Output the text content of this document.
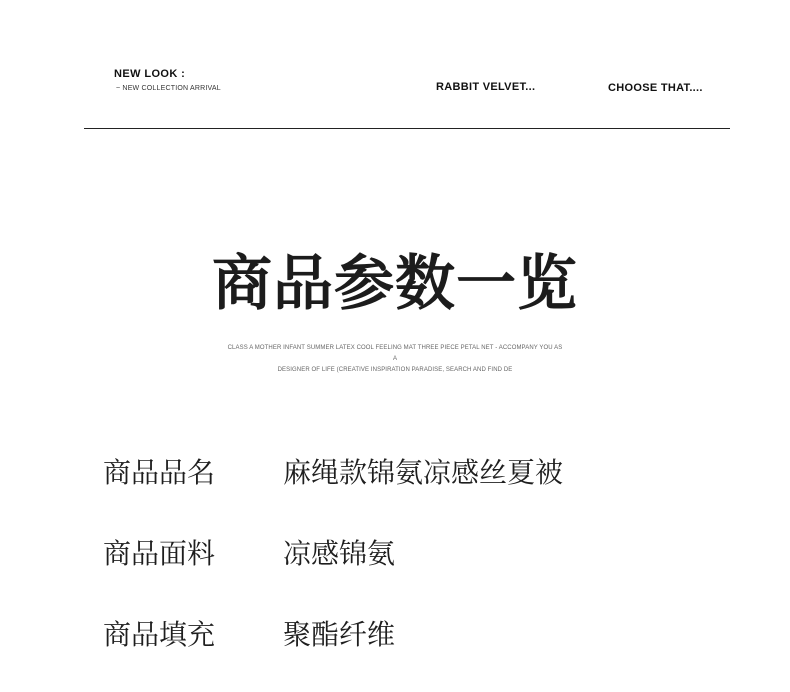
NEW LOOK :
~ NEW COLLECTION ARRIVAL	RABBIT VELVET...	CHOOSE THAT....
商品参数一览
CLASS A MOTHER INFANT SUMMER LATEX COOL FEELING MAT THREE PIECE PETAL NET - ACCOMPANY YOU AS A
DESIGNER OF LIFE (CREATIVE INSPIRATION PARADISE, SEARCH AND FIND DE
商品品名 麻绳款锦氨凉感丝夏被
商品面料 凉感锦氨
商品填充 聚酯纤维
